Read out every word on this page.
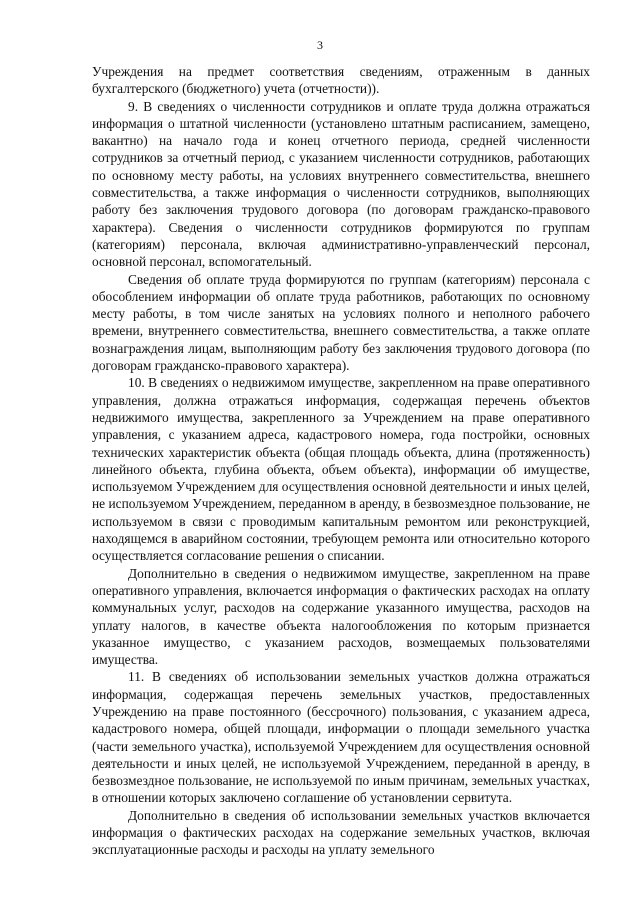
3

Учреждения на предмет соответствия сведениям, отраженным в данных бухгалтерского (бюджетного) учета (отчетности)).

9. В сведениях о численности сотрудников и оплате труда должна отражаться информация о штатной численности (установлено штатным расписанием, замещено, вакантно) на начало года и конец отчетного периода, средней численности сотрудников за отчетный период, с указанием численности сотрудников, работающих по основному месту работы, на условиях внутреннего совместительства, внешнего совместительства, а также информация о численности сотрудников, выполняющих работу без заключения трудового договора (по договорам гражданско-правового характера). Сведения о численности сотрудников формируются по группам (категориям) персонала, включая административно-управленческий персонал, основной персонал, вспомогательный.

Сведения об оплате труда формируются по группам (категориям) персонала с обособлением информации об оплате труда работников, работающих по основному месту работы, в том числе занятых на условиях полного и неполного рабочего времени, внутреннего совместительства, внешнего совместительства, а также оплате вознаграждения лицам, выполняющим работу без заключения трудового договора (по договорам гражданско-правового характера).

10. В сведениях о недвижимом имуществе, закрепленном на праве оперативного управления, должна отражаться информация, содержащая перечень объектов недвижимого имущества, закрепленного за Учреждением на праве оперативного управления, с указанием адреса, кадастрового номера, года постройки, основных технических характеристик объекта (общая площадь объекта, длина (протяженность) линейного объекта, глубина объекта, объем объекта), информации об имуществе, используемом Учреждением для осуществления основной деятельности и иных целей, не используемом Учреждением, переданном в аренду, в безвозмездное пользование, не используемом в связи с проводимым капитальным ремонтом или реконструкцией, находящемся в аварийном состоянии, требующем ремонта или относительно которого осуществляется согласование решения о списании.

Дополнительно в сведения о недвижимом имуществе, закрепленном на праве оперативного управления, включается информация о фактических расходах на оплату коммунальных услуг, расходов на содержание указанного имущества, расходов на уплату налогов, в качестве объекта налогообложения по которым признается указанное имущество, с указанием расходов, возмещаемых пользователями имущества.

11. В сведениях об использовании земельных участков должна отражаться информация, содержащая перечень земельных участков, предоставленных Учреждению на праве постоянного (бессрочного) пользования, с указанием адреса, кадастрового номера, общей площади, информации о площади земельного участка (части земельного участка), используемой Учреждением для осуществления основной деятельности и иных целей, не используемой Учреждением, переданной в аренду, в безвозмездное пользование, не используемой по иным причинам, земельных участках, в отношении которых заключено соглашение об установлении сервитута.

Дополнительно в сведения об использовании земельных участков включается информация о фактических расходах на содержание земельных участков, включая эксплуатационные расходы и расходы на уплату земельного
